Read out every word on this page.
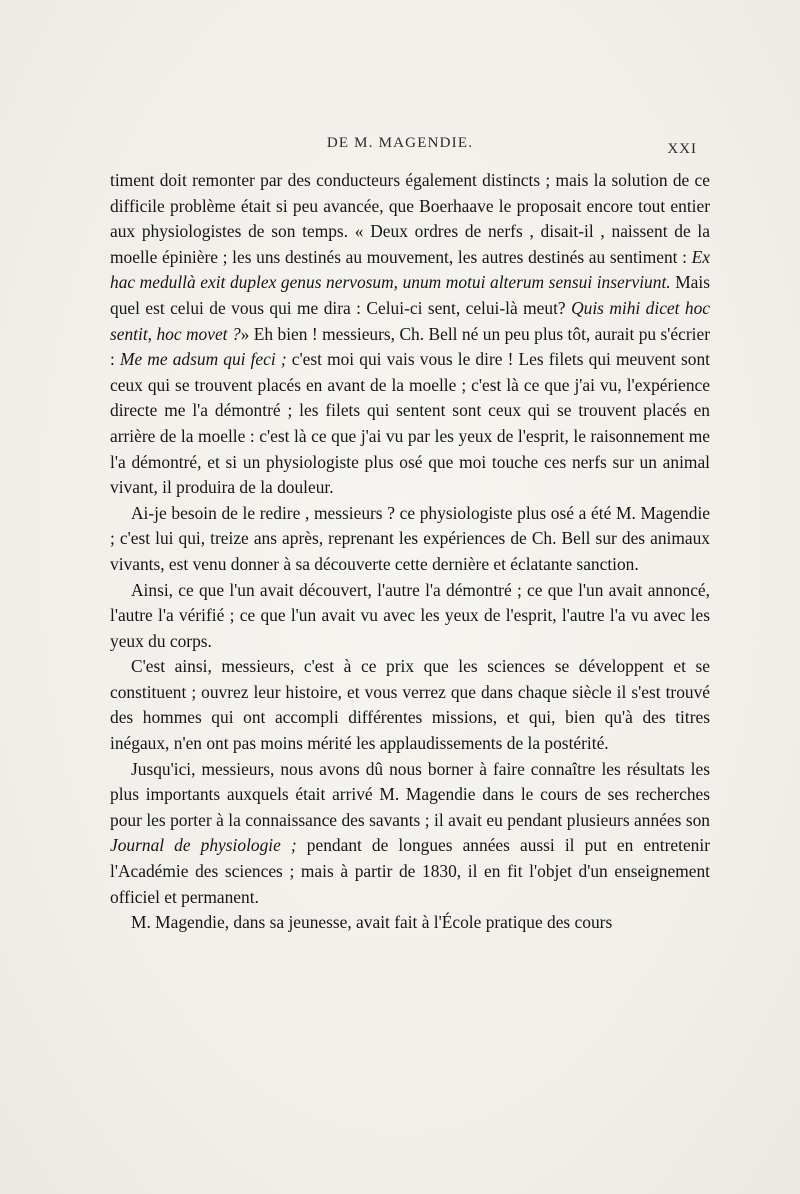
DE M. MAGENDIE.	XXI

timent doit remonter par des conducteurs également distincts ; mais la solution de ce difficile problème était si peu avancée, que Boerhaave le proposait encore tout entier aux physiologistes de son temps. « Deux ordres de nerfs , disait-il , naissent de la moelle épinière ; les uns destinés au mouvement, les autres destinés au sentiment : Ex hac medullà exit duplex genus nervosum, unum motui alterum sensui inserviunt. Mais quel est celui de vous qui me dira : Celui-ci sent, celui-là meut? Quis mihi dicet hoc sentit, hoc movet ?» Eh bien ! messieurs, Ch. Bell né un peu plus tôt, aurait pu s'écrier : Me me adsum qui feci ; c'est moi qui vais vous le dire ! Les filets qui meuvent sont ceux qui se trouvent placés en avant de la moelle ; c'est là ce que j'ai vu, l'expérience directe me l'a démontré ; les filets qui sentent sont ceux qui se trouvent placés en arrière de la moelle : c'est là ce que j'ai vu par les yeux de l'esprit, le raisonnement me l'a démontré, et si un physiologiste plus osé que moi touche ces nerfs sur un animal vivant, il produira de la douleur.

Ai-je besoin de le redire , messieurs ? ce physiologiste plus osé a été M. Magendie ; c'est lui qui, treize ans après, reprenant les expériences de Ch. Bell sur des animaux vivants, est venu donner à sa découverte cette dernière et éclatante sanction.

Ainsi, ce que l'un avait découvert, l'autre l'a démontré ; ce que l'un avait annoncé, l'autre l'a vérifié ; ce que l'un avait vu avec les yeux de l'esprit, l'autre l'a vu avec les yeux du corps.

C'est ainsi, messieurs, c'est à ce prix que les sciences se développent et se constituent ; ouvrez leur histoire, et vous verrez que dans chaque siècle il s'est trouvé des hommes qui ont accompli différentes missions, et qui, bien qu'à des titres inégaux, n'en ont pas moins mérité les applaudissements de la postérité.

Jusqu'ici, messieurs, nous avons dû nous borner à faire connaître les résultats les plus importants auxquels était arrivé M. Magendie dans le cours de ses recherches pour les porter à la connaissance des savants ; il avait eu pendant plusieurs années son Journal de physiologie ; pendant de longues années aussi il put en entretenir l'Académie des sciences ; mais à partir de 1830, il en fit l'objet d'un enseignement officiel et permanent.

M. Magendie, dans sa jeunesse, avait fait à l'École pratique des cours
